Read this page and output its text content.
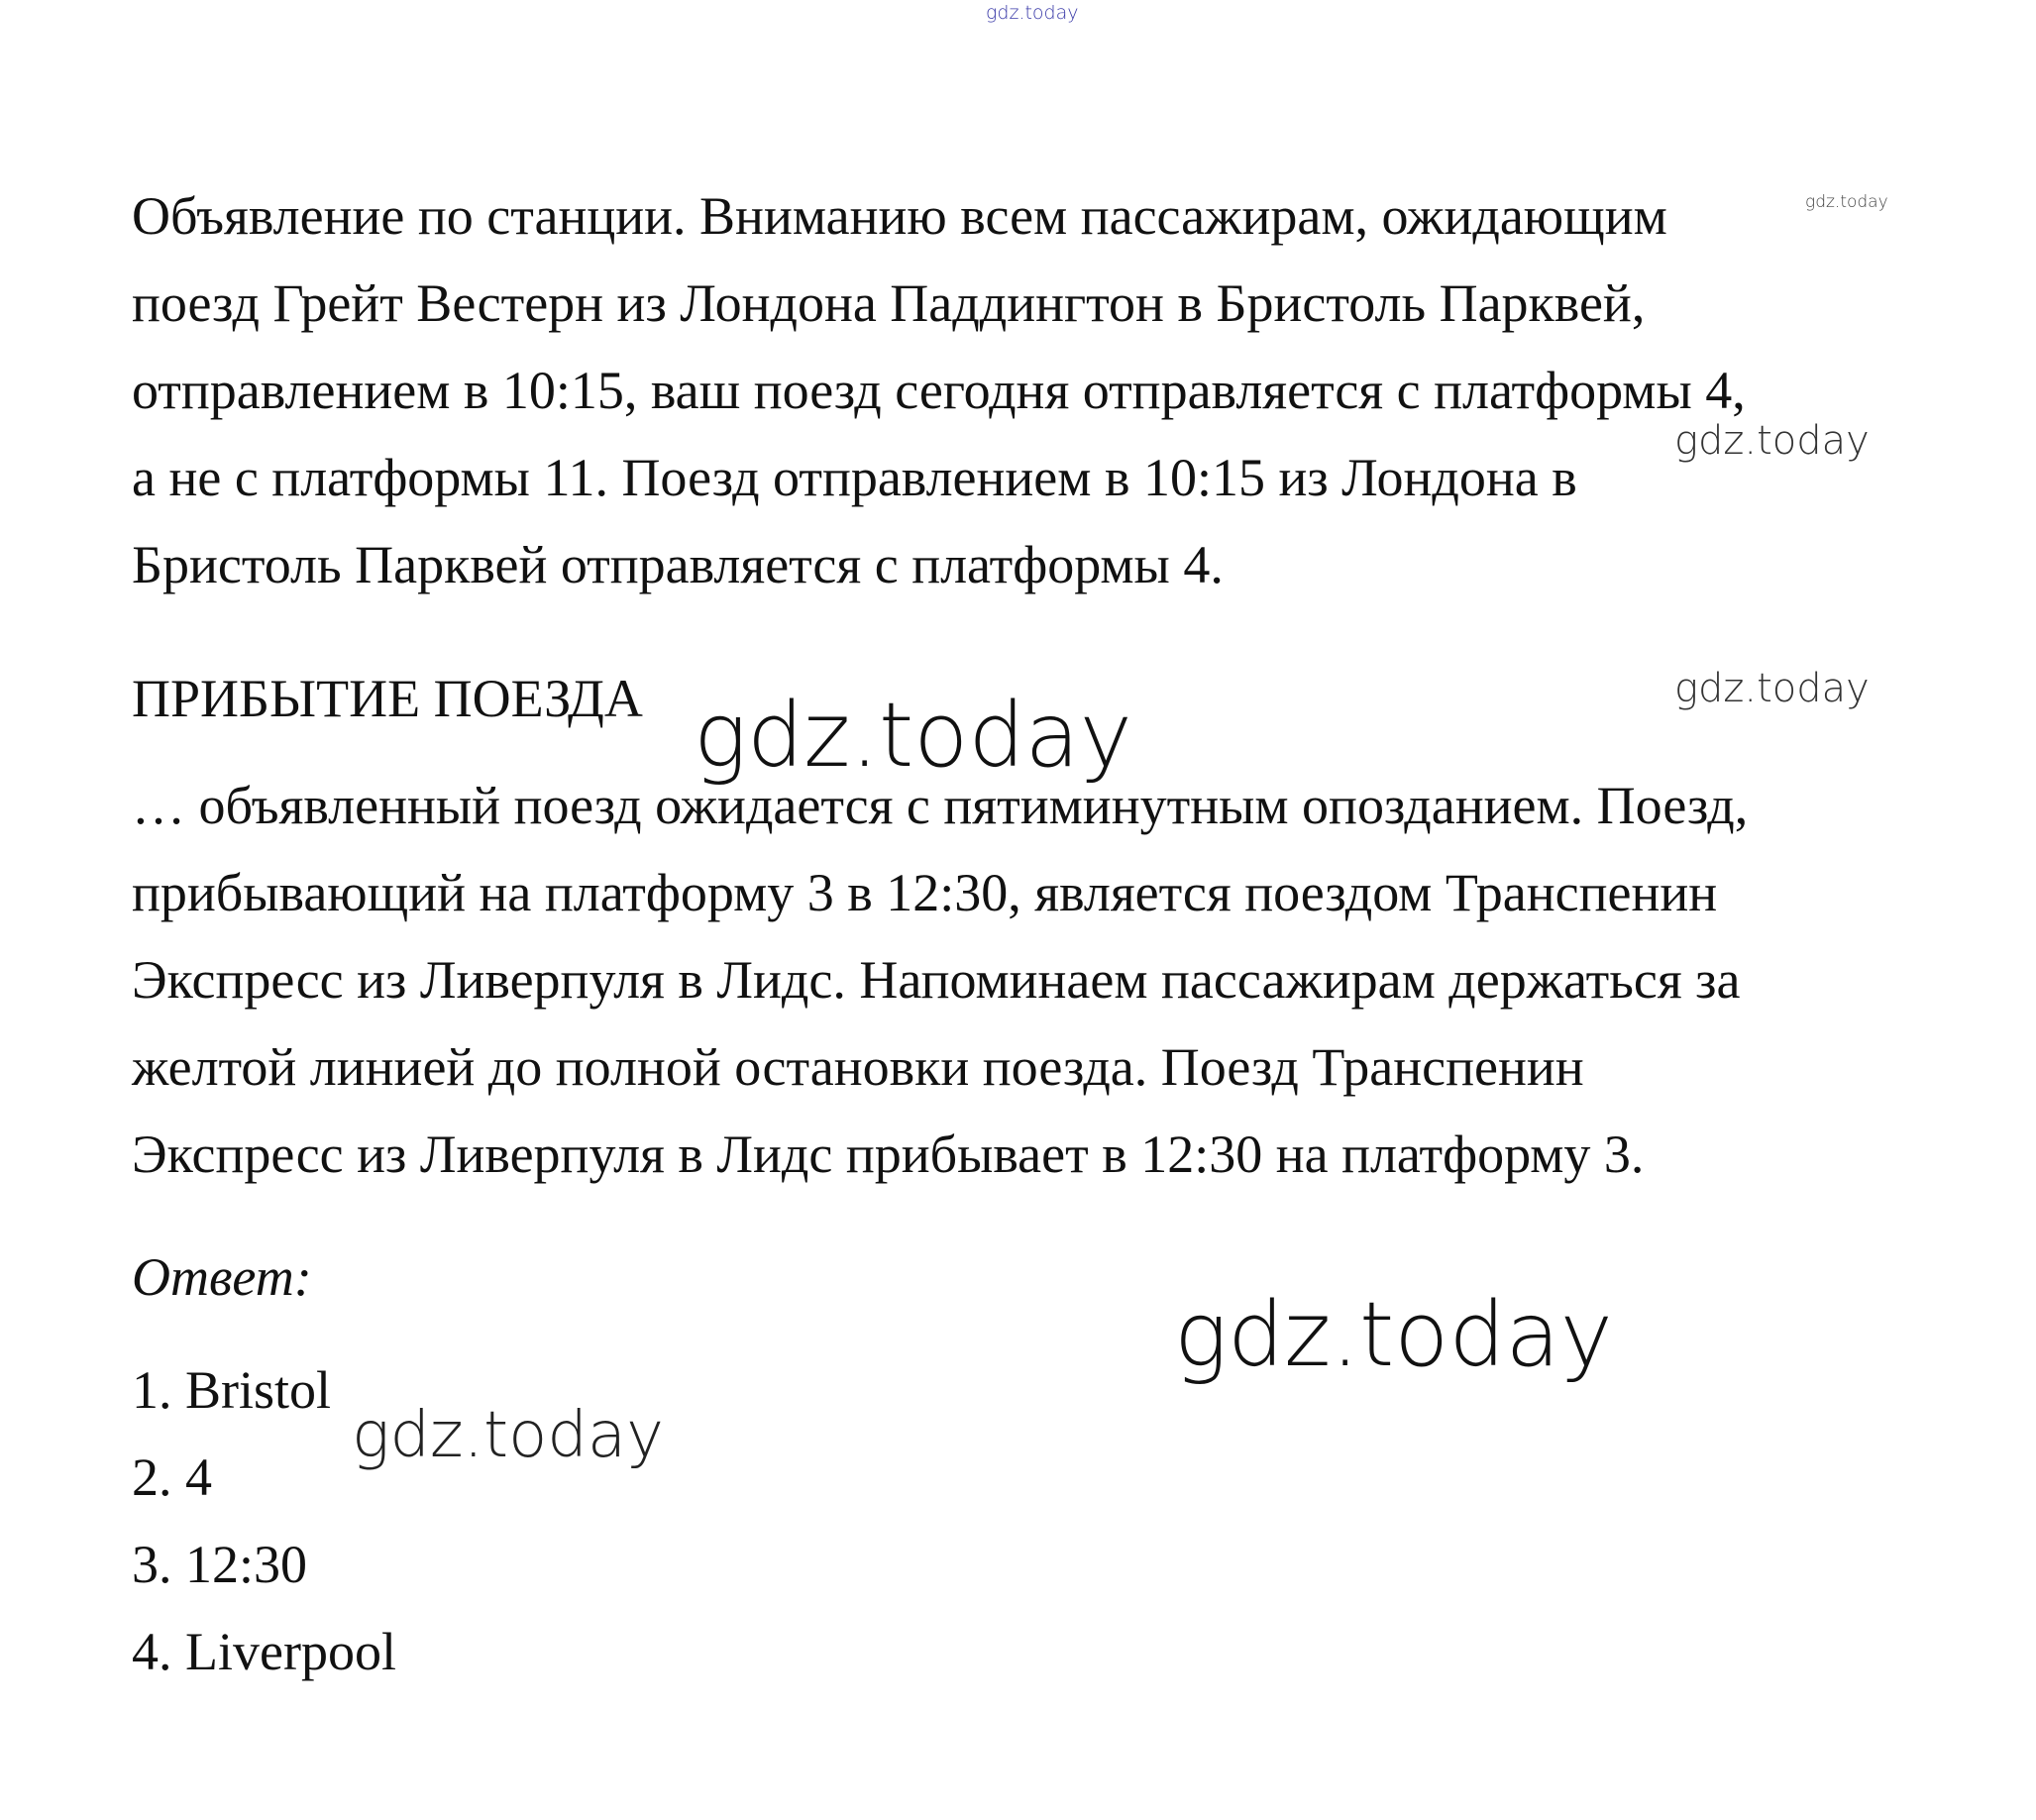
Объявление по станции. Вниманию всем пассажирам, ожидающим
поезд Грейт Вестерн из Лондона Паддингтон в Бристоль Парквей,
отправлением в 10:15, ваш поезд сегодня отправляется с платформы 4,
а не с платформы 11. Поезд отправлением в 10:15 из Лондона в
Бристоль Парквей отправляется с платформы 4.
ПРИБЫТИЕ ПОЕЗДА
… объявленный поезд ожидается с пятиминутным опозданием. Поезд,
прибывающий на платформу 3 в 12:30, является поездом Транспенин
Экспресс из Ливерпуля в Лидс. Напоминаем пассажирам держаться за
желтой линией до полной остановки поезда. Поезд Транспенин
Экспресс из Ливерпуля в Лидс прибывает в 12:30 на платформу 3.
Ответ:
1. Bristol
2. 4
3. 12:30
4. Liverpool
gdz.today
gdz.today
gdz.today
gdz.today
gdz.today
gdz.today
gdz.today
